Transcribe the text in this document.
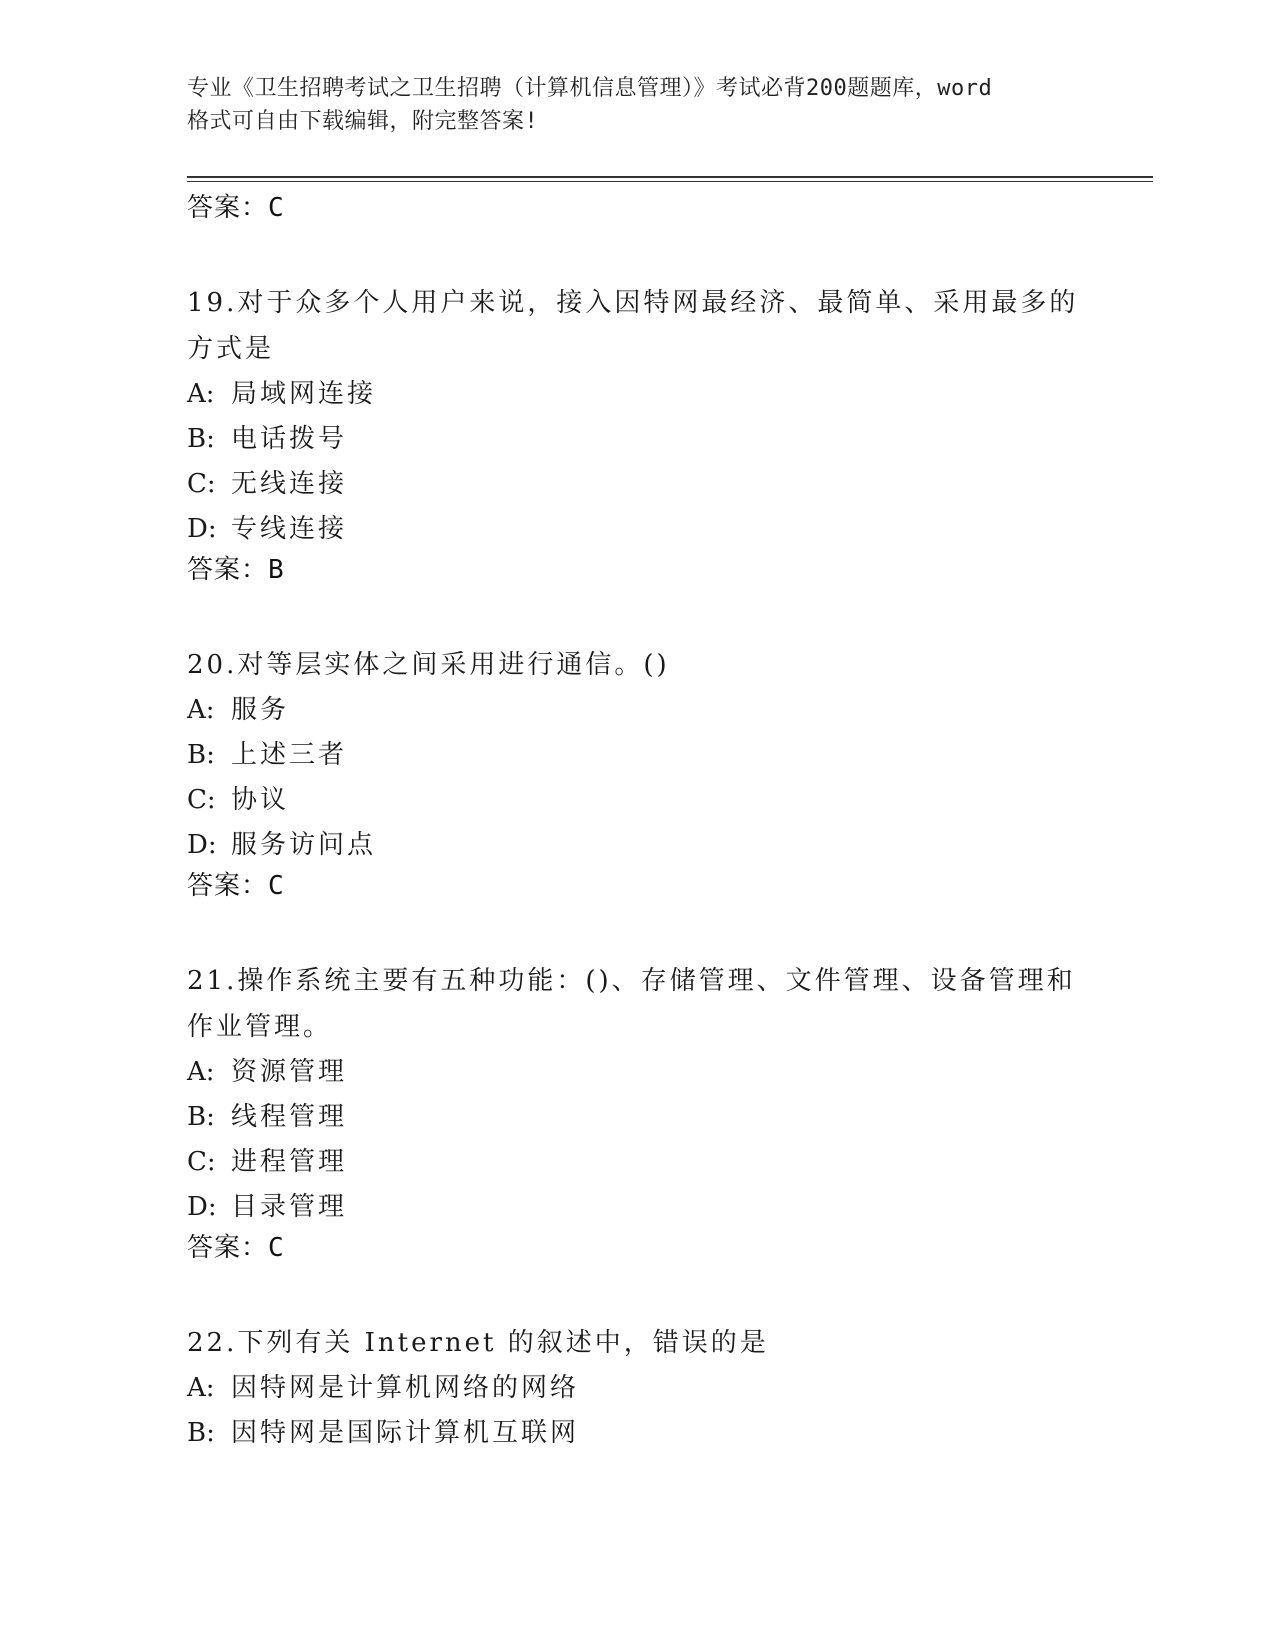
专业《卫生招聘考试之卫生招聘（计算机信息管理）》考试必背200题题库，word
格式可自由下载编辑，附完整答案!
答案：C
19.对于众多个人用户来说，接入因特网最经济、最简单、采用最多的
方式是
A: 局域网连接
B: 电话拨号
C: 无线连接
D: 专线连接
答案：B
20.对等层实体之间采用进行通信。()
A: 服务
B: 上述三者
C: 协议
D: 服务访问点
答案：C
21.操作系统主要有五种功能：()、存储管理、文件管理、设备管理和
作业管理。
A: 资源管理
B: 线程管理
C: 进程管理
D: 目录管理
答案：C
22.下列有关 Internet 的叙述中，错误的是
A: 因特网是计算机网络的网络
B: 因特网是国际计算机互联网
